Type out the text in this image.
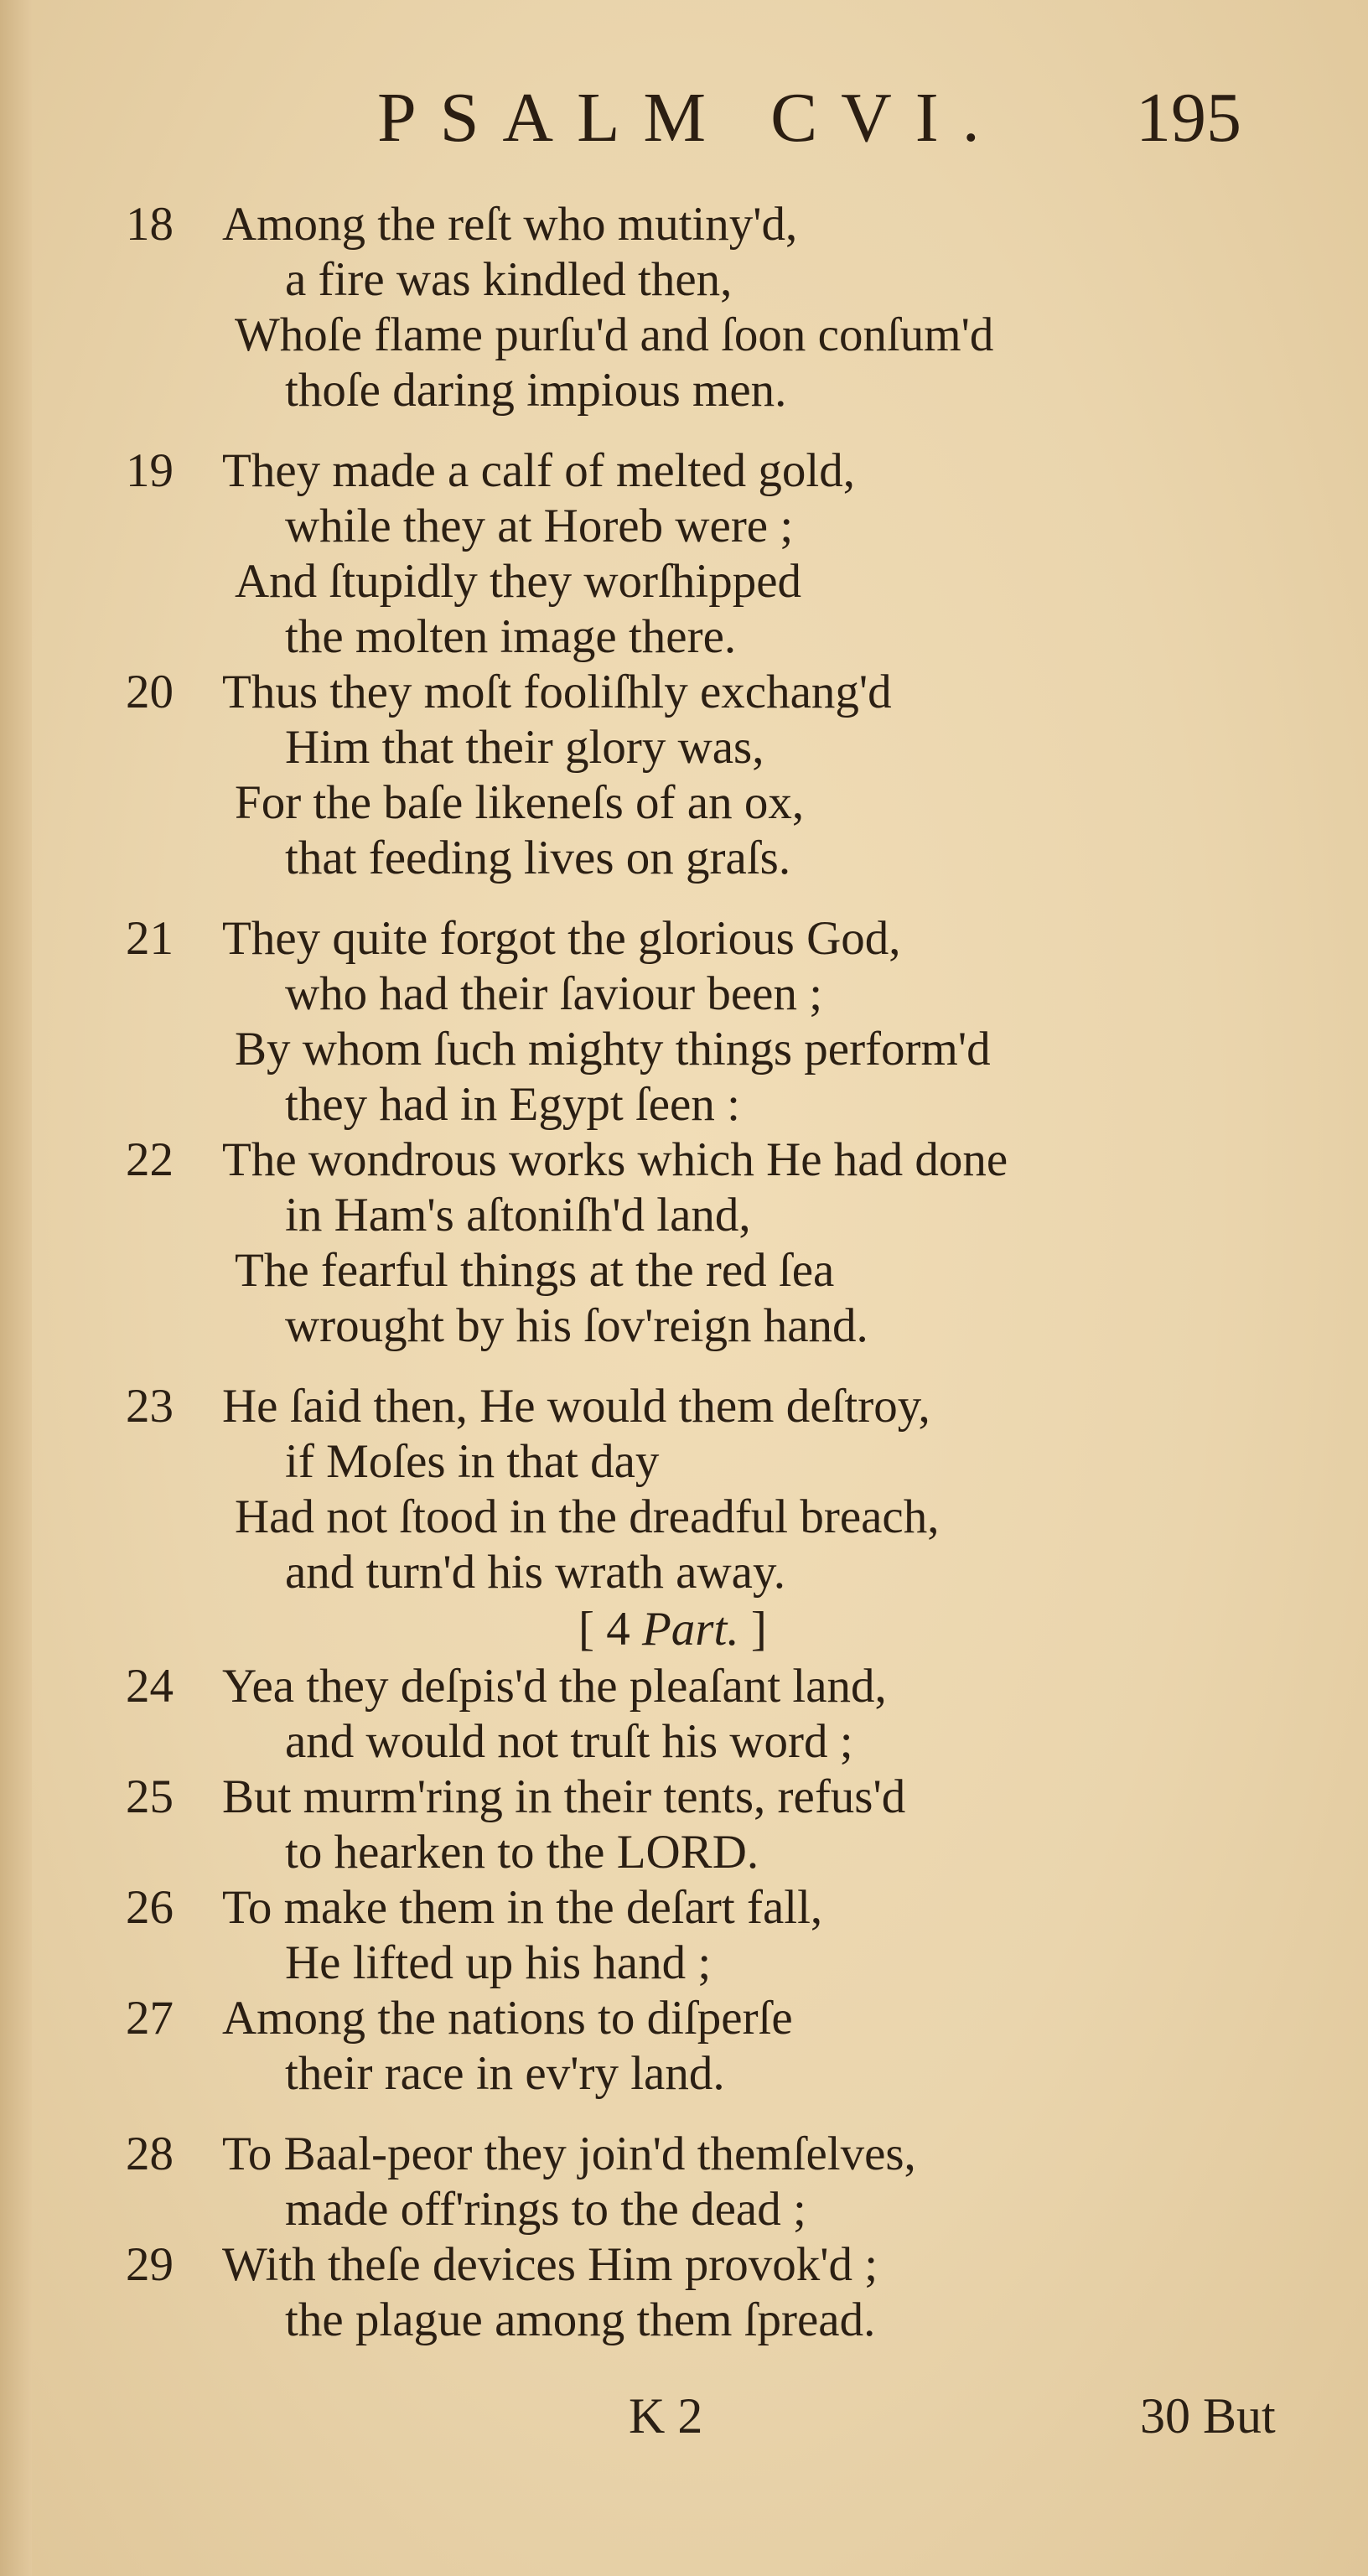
PSALM CVI. 195
18 Among the reſt who mutiny'd,
a fire was kindled then,
Whoſe flame purſu'd and ſoon conſum'd
thoſe daring impious men.
19 They made a calf of melted gold,
while they at Horeb were ;
And ſtupidly they worſhipped
the molten image there.
20 Thus they moſt fooliſhly exchang'd
Him that their glory was,
For the baſe likeneſs of an ox,
that feeding lives on graſs.
21 They quite forgot the glorious God,
who had their ſaviour been ;
By whom ſuch mighty things perform'd
they had in Egypt ſeen :
22 The wondrous works which He had done
in Ham's aſtoniſh'd land,
The fearful things at the red ſea
wrought by his ſov'reign hand.
23 He ſaid then, He would them deſtroy,
if Moſes in that day
Had not ſtood in the dreadful breach,
and turn'd his wrath away.
[ 4 Part. ]
24 Yea they deſpis'd the pleaſant land,
and would not truſt his word ;
25 But murm'ring in their tents, refus'd
to hearken to the LORD.
26 To make them in the deſart fall,
He lifted up his hand ;
27 Among the nations to diſperſe
their race in ev'ry land.
28 To Baal-peor they join'd themſelves,
made off'rings to the dead ;
29 With theſe devices Him provok'd ;
the plague among them ſpread.
K 2	30 But
